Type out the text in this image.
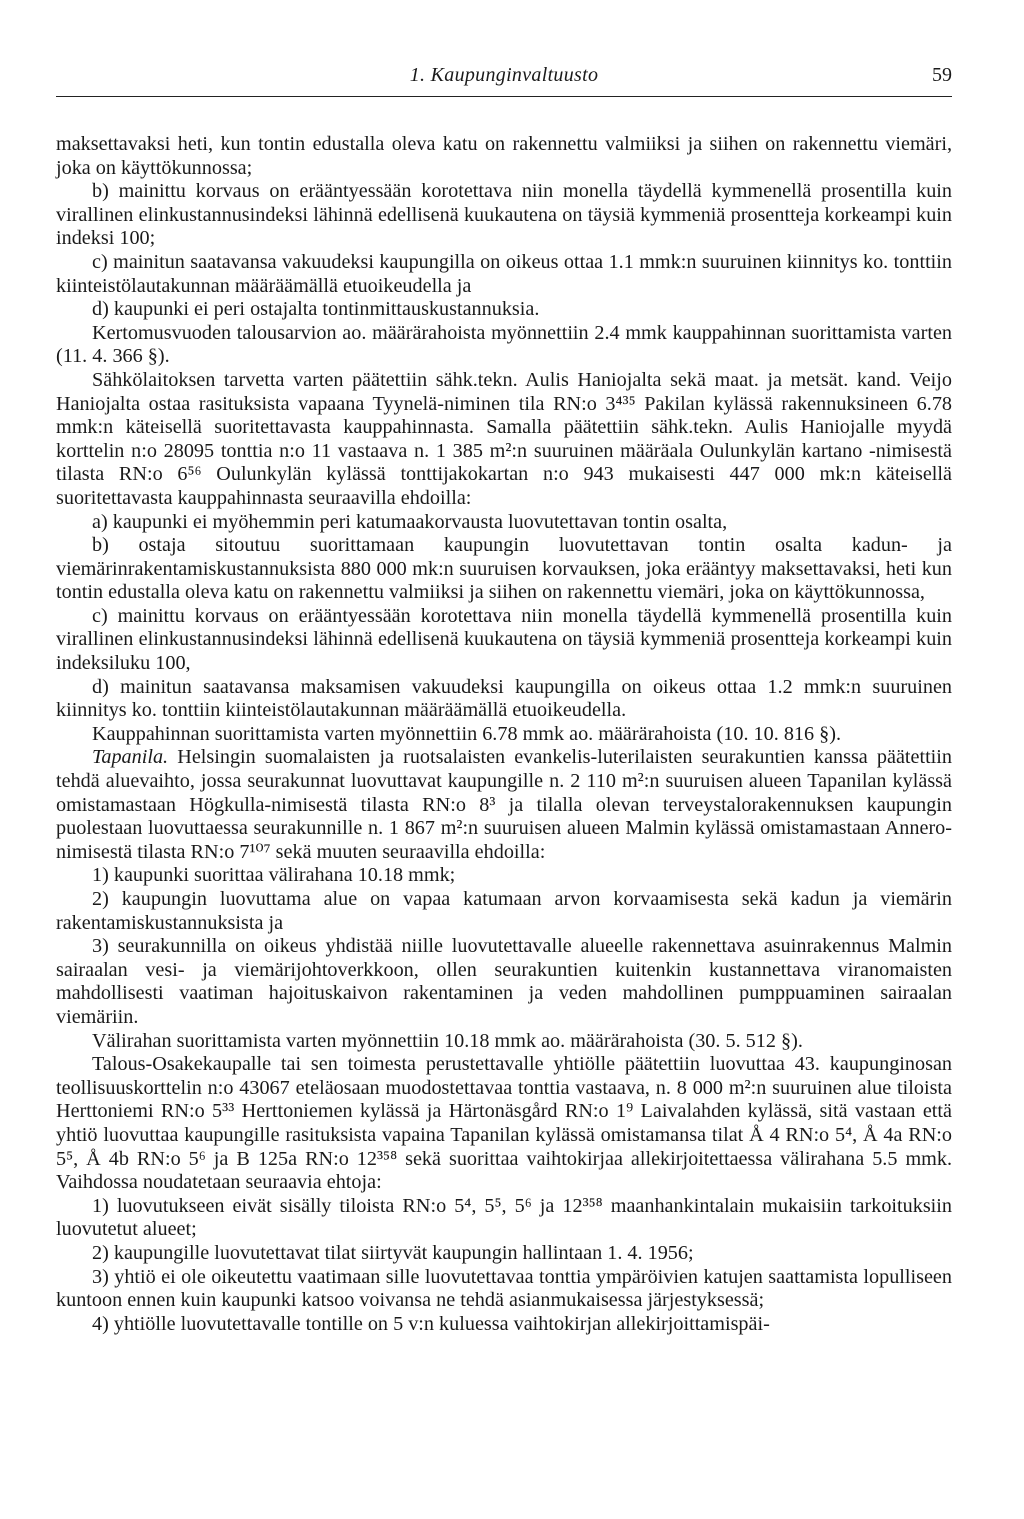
1. Kaupunginvaltuusto	59

maksettavaksi heti, kun tontin edustalla oleva katu on rakennettu valmiiksi ja siihen on rakennettu viemäri, joka on käyttökunnossa;

b) mainittu korvaus on erääntyessään korotettava niin monella täydellä kymmenellä prosentilla kuin virallinen elinkustannusindeksi lähinnä edellisenä kuukautena on täysiä kymmeniä prosentteja korkeampi kuin indeksi 100;

c) mainitun saatavansa vakuudeksi kaupungilla on oikeus ottaa 1.1 mmk:n suuruinen kiinnitys ko. tonttiin kiinteistölautakunnan määräämällä etuoikeudella ja

d) kaupunki ei peri ostajalta tontinmittauskustannuksia.

Kertomusvuoden talousarvion ao. määrärahoista myönnettiin 2.4 mmk kauppahinnan suorittamista varten (11. 4. 366 §).

Sähkölaitoksen tarvetta varten päätettiin sähk.tekn. Aulis Haniojalta sekä maat. ja metsät. kand. Veijo Haniojalta ostaa rasituksista vapaana Tyynelä-niminen tila RN:o 3⁴³⁵ Pakilan kylässä rakennuksineen 6.78 mmk:n käteisellä suoritettavasta kauppahinnasta. Samalla päätettiin sähk.tekn. Aulis Haniojalle myydä korttelin n:o 28095 tonttia n:o 11 vastaava n. 1 385 m²:n suuruinen määräala Oulunkylän kartano -nimisestä tilasta RN:o 6⁵⁶ Oulunkylän kylässä tonttijakokartan n:o 943 mukaisesti 447 000 mk:n käteisellä suoritettavasta kauppahinnasta seuraavilla ehdoilla:

a) kaupunki ei myöhemmin peri katumaakorvausta luovutettavan tontin osalta,

b) ostaja sitoutuu suorittamaan kaupungin luovutettavan tontin osalta kadun- ja viemärinrakentamiskustannuksista 880 000 mk:n suuruisen korvauksen, joka erääntyy maksettavaksi, heti kun tontin edustalla oleva katu on rakennettu valmiiksi ja siihen on rakennettu viemäri, joka on käyttökunnossa,

c) mainittu korvaus on erääntyessään korotettava niin monella täydellä kymmenellä prosentilla kuin virallinen elinkustannusindeksi lähinnä edellisenä kuukautena on täysiä kymmeniä prosentteja korkeampi kuin indeksiluku 100,

d) mainitun saatavansa maksamisen vakuudeksi kaupungilla on oikeus ottaa 1.2 mmk:n suuruinen kiinnitys ko. tonttiin kiinteistölautakunnan määräämällä etuoikeudella.

Kauppahinnan suorittamista varten myönnettiin 6.78 mmk ao. määrärahoista (10. 10. 816 §).

Tapanila. Helsingin suomalaisten ja ruotsalaisten evankelis-luterilaisten seurakuntien kanssa päätettiin tehdä aluevaihto, jossa seurakunnat luovuttavat kaupungille n. 2 110 m²:n suuruisen alueen Tapanilan kylässä omistamastaan Högkulla-nimisestä tilasta RN:o 8³ ja tilalla olevan terveystalorakennuksen kaupungin puolestaan luovuttaessa seurakunnille n. 1 867 m²:n suuruisen alueen Malmin kylässä omistamastaan Annero-nimisestä tilasta RN:o 7¹⁰⁷ sekä muuten seuraavilla ehdoilla:

1) kaupunki suorittaa välirahana 10.18 mmk;

2) kaupungin luovuttama alue on vapaa katumaan arvon korvaamisesta sekä kadun ja viemärin rakentamiskustannuksista ja

3) seurakunnilla on oikeus yhdistää niille luovutettavalle alueelle rakennettava asuinrakennus Malmin sairaalan vesi- ja viemärijohtoverkkoon, ollen seurakuntien kuitenkin kustannettava viranomaisten mahdollisesti vaatiman hajoituskaivon rakentaminen ja veden mahdollinen pumppuaminen sairaalan viemäriin.

Välirahan suorittamista varten myönnettiin 10.18 mmk ao. määrärahoista (30. 5. 512 §).

Talous-Osakekaupalle tai sen toimesta perustettavalle yhtiölle päätettiin luovuttaa 43. kaupunginosan teollisuuskorttelin n:o 43067 eteläosaan muodostettavaa tonttia vastaava, n. 8 000 m²:n suuruinen alue tiloista Herttoniemi RN:o 5³³ Herttoniemen kylässä ja Härtonäsgård RN:o 1⁹ Laivalahden kylässä, sitä vastaan että yhtiö luovuttaa kaupungille rasituksista vapaina Tapanilan kylässä omistamansa tilat Å 4 RN:o 5⁴, Å 4a RN:o 5⁵, Å 4b RN:o 5⁶ ja B 125a RN:o 12³⁵⁸ sekä suorittaa vaihtokirjaa allekirjoitettaessa välirahana 5.5 mmk. Vaihdossa noudatetaan seuraavia ehtoja:

1) luovutukseen eivät sisälly tiloista RN:o 5⁴, 5⁵, 5⁶ ja 12³⁵⁸ maanhankintalain mukaisiin tarkoituksiin luovutetut alueet;

2) kaupungille luovutettavat tilat siirtyvät kaupungin hallintaan 1. 4. 1956;

3) yhtiö ei ole oikeutettu vaatimaan sille luovutettavaa tonttia ympäröivien katujen saattamista lopulliseen kuntoon ennen kuin kaupunki katsoo voivansa ne tehdä asianmukaisessa järjestyksessä;

4) yhtiölle luovutettavalle tontille on 5 v:n kuluessa vaihtokirjan allekirjoittamispäi-
